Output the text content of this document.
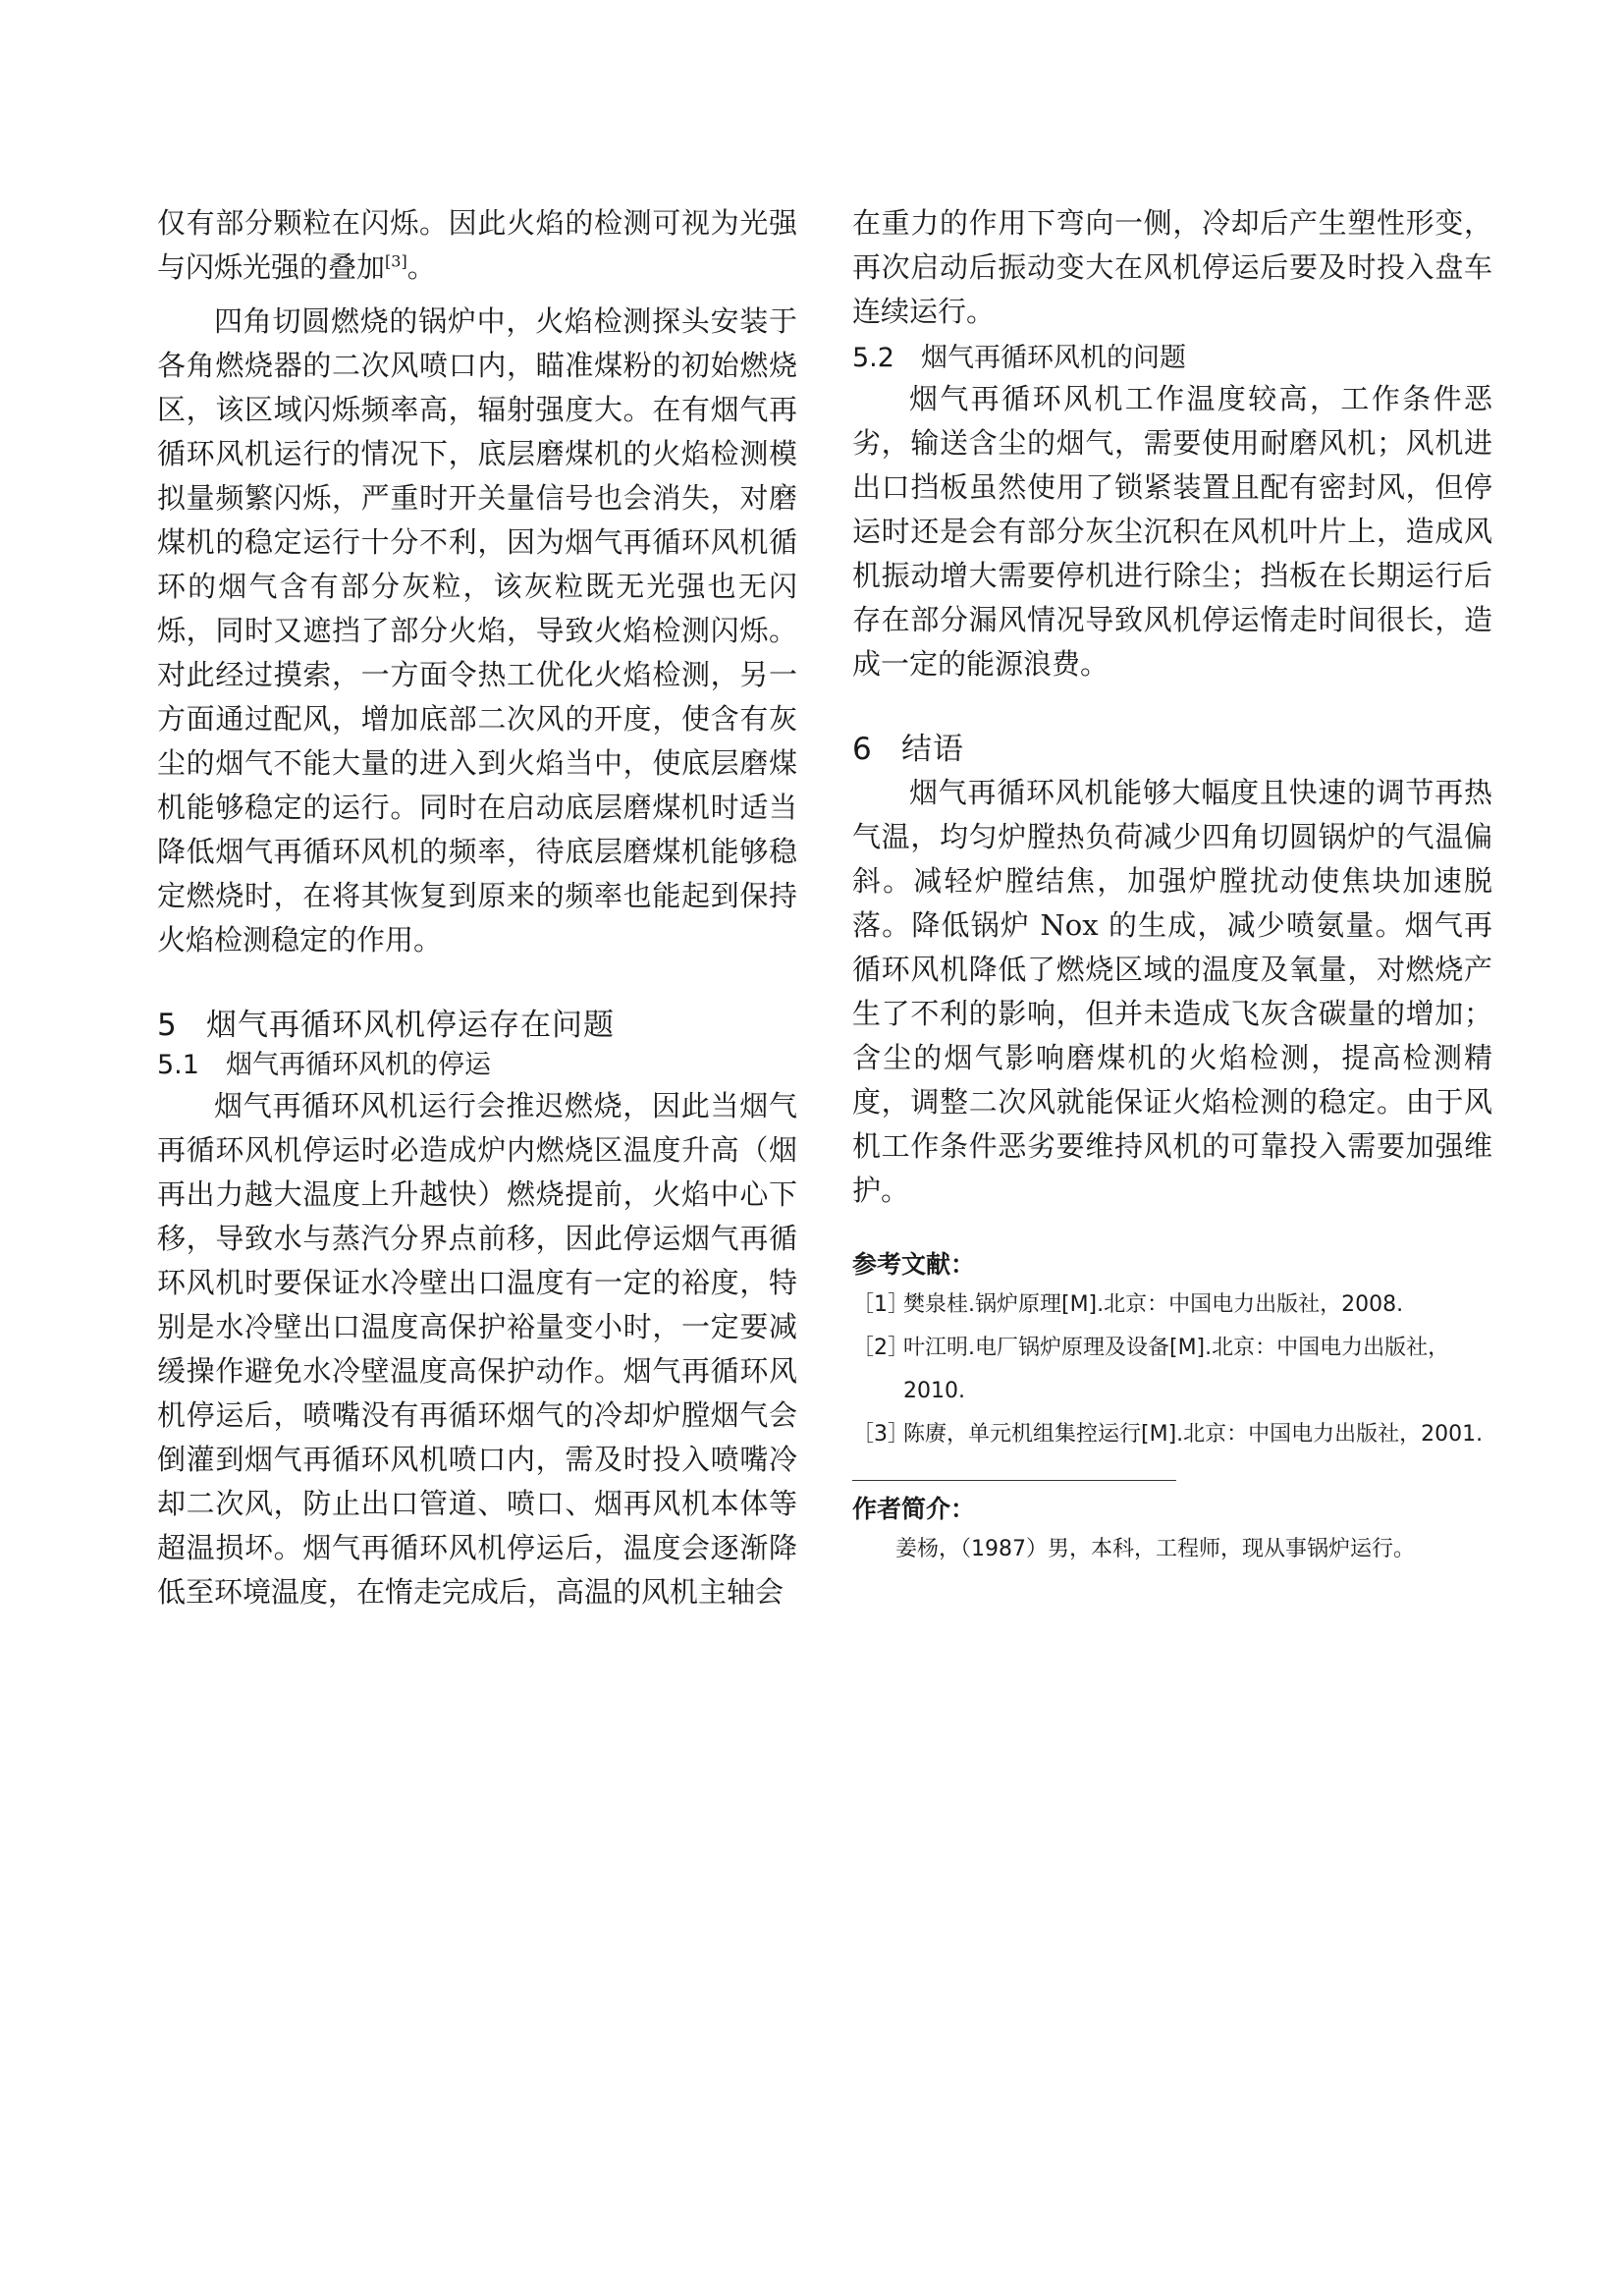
仅有部分颗粒在闪烁。因此火焰的检测可视为光强与闪烁光强的叠加[3]。

四角切圆燃烧的锅炉中，火焰检测探头安装于各角燃烧器的二次风喷口内，瞄准煤粉的初始燃烧区，该区域闪烁频率高，辐射强度大。在有烟气再循环风机运行的情况下，底层磨煤机的火焰检测模拟量频繁闪烁，严重时开关量信号也会消失，对磨煤机的稳定运行十分不利，因为烟气再循环风机循环的烟气含有部分灰粒，该灰粒既无光强也无闪烁，同时又遮挡了部分火焰，导致火焰检测闪烁。对此经过摸索，一方面令热工优化火焰检测，另一方面通过配风，增加底部二次风的开度，使含有灰尘的烟气不能大量的进入到火焰当中，使底层磨煤机能够稳定的运行。同时在启动底层磨煤机时适当降低烟气再循环风机的频率，待底层磨煤机能够稳定燃烧时，在将其恢复到原来的频率也能起到保持火焰检测稳定的作用。

5 烟气再循环风机停运存在问题
5.1 烟气再循环风机的停运

烟气再循环风机运行会推迟燃烧，因此当烟气再循环风机停运时必造成炉内燃烧区温度升高（烟再出力越大温度上升越快）燃烧提前，火焰中心下移，导致水与蒸汽分界点前移，因此停运烟气再循环风机时要保证水冷壁出口温度有一定的裕度，特别是水冷壁出口温度高保护裕量变小时，一定要减缓操作避免水冷壁温度高保护动作。烟气再循环风机停运后，喷嘴没有再循环烟气的冷却炉膛烟气会倒灌到烟气再循环风机喷口内，需及时投入喷嘴冷却二次风，防止出口管道、喷口、烟再风机本体等超温损坏。烟气再循环风机停运后，温度会逐渐降低至环境温度，在惰走完成后，高温的风机主轴会

在重力的作用下弯向一侧，冷却后产生塑性形变，再次启动后振动变大在风机停运后要及时投入盘车连续运行。

5.2 烟气再循环风机的问题

烟气再循环风机工作温度较高，工作条件恶劣，输送含尘的烟气，需要使用耐磨风机；风机进出口挡板虽然使用了锁紧装置且配有密封风，但停运时还是会有部分灰尘沉积在风机叶片上，造成风机振动增大需要停机进行除尘；挡板在长期运行后存在部分漏风情况导致风机停运惰走时间很长，造成一定的能源浪费。

6 结语

烟气再循环风机能够大幅度且快速的调节再热气温，均匀炉膛热负荷减少四角切圆锅炉的气温偏斜。减轻炉膛结焦，加强炉膛扰动使焦块加速脱落。降低锅炉 Nox 的生成，减少喷氨量。烟气再循环风机降低了燃烧区域的温度及氧量，对燃烧产生了不利的影响，但并未造成飞灰含碳量的增加；含尘的烟气影响磨煤机的火焰检测，提高检测精度，调整二次风就能保证火焰检测的稳定。由于风机工作条件恶劣要维持风机的可靠投入需要加强维护。

参考文献：
［1］
樊泉桂.锅炉原理[M].北京：中国电力出版社，2008.
［2］
叶江明.电厂锅炉原理及设备[M].北京：中国电力出版社，2010.
［3］
陈赓，单元机组集控运行[M].北京：中国电力出版社，2001.
作者简介：

姜杨，（1987）男，本科，工程师，现从事锅炉运行。
